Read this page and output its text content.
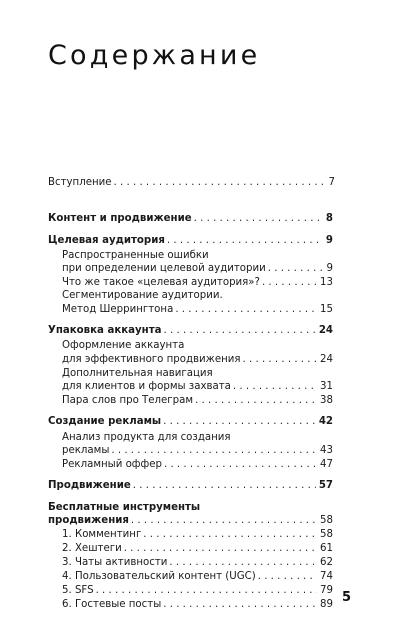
Содержание
Вступление . . .	7
Контент и продвижение . . .	8
Целевая аудитория . . .	9
Распространенные ошибки
при определении целевой аудитории . . .	9
Что же такое «целевая аудитория»? . . .	13
Сегментирование аудитории.
Метод Шеррингтона . . .	15
Упаковка аккаунта . . .	24
Оформление аккаунта
для эффективного продвижения . . .	24
Дополнительная навигация
для клиентов и формы захвата . . .	31
Пара слов про Телеграм . . .	38
Создание рекламы . . .	42
Анализ продукта для создания
рекламы . . .	43
Рекламный оффер . . .	47
Продвижение . . .	57
Бесплатные инструменты
продвижения . . .	58
1. Комментинг . . .	58
2. Хештеги . . .	61
3. Чаты активности . . .	62
4. Пользовательский контент (UGC) . . .	74
5. SFS . . .	79
6. Гостевые посты . . .	89 5
